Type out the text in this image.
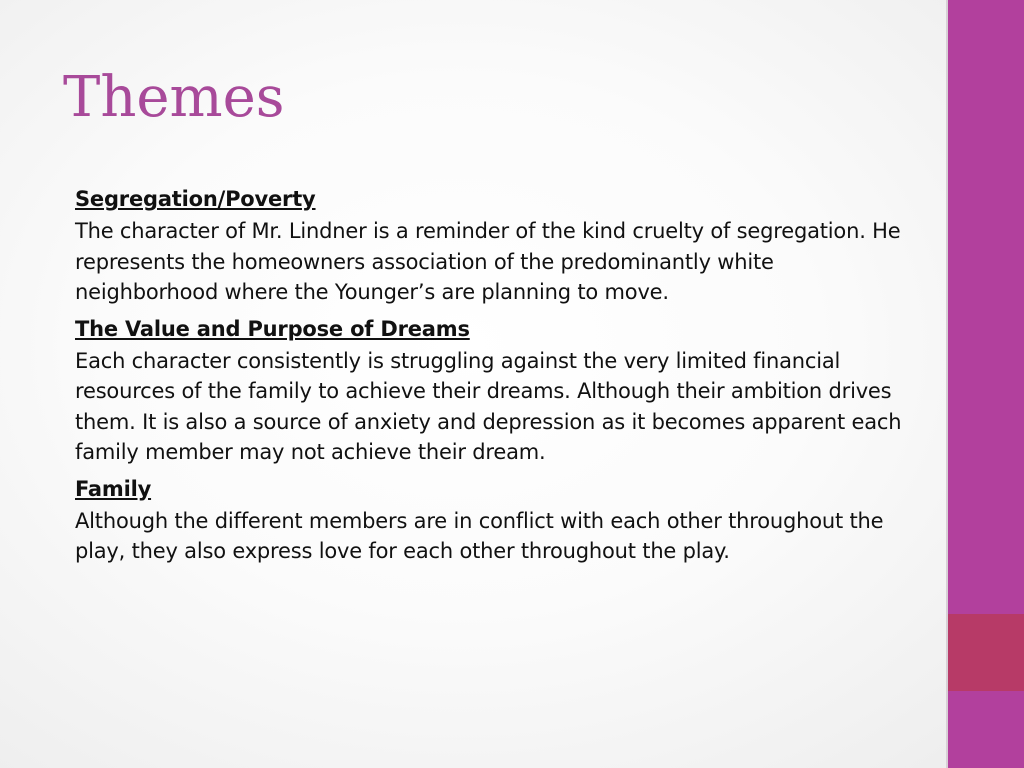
Themes
Segregation/Poverty
The character of Mr. Lindner is a reminder of the kind cruelty of segregation. He represents the homeowners association of the predominantly white neighborhood where the Younger’s are planning to move.
The Value and Purpose of Dreams
Each character consistently is struggling against the very limited financial resources of the family to achieve their dreams. Although their ambition drives them. It is also a source of anxiety and depression as it becomes apparent each family member may not achieve their dream.
Family
Although the different members are in conflict with each other throughout the play, they also express love for each other throughout the play.
